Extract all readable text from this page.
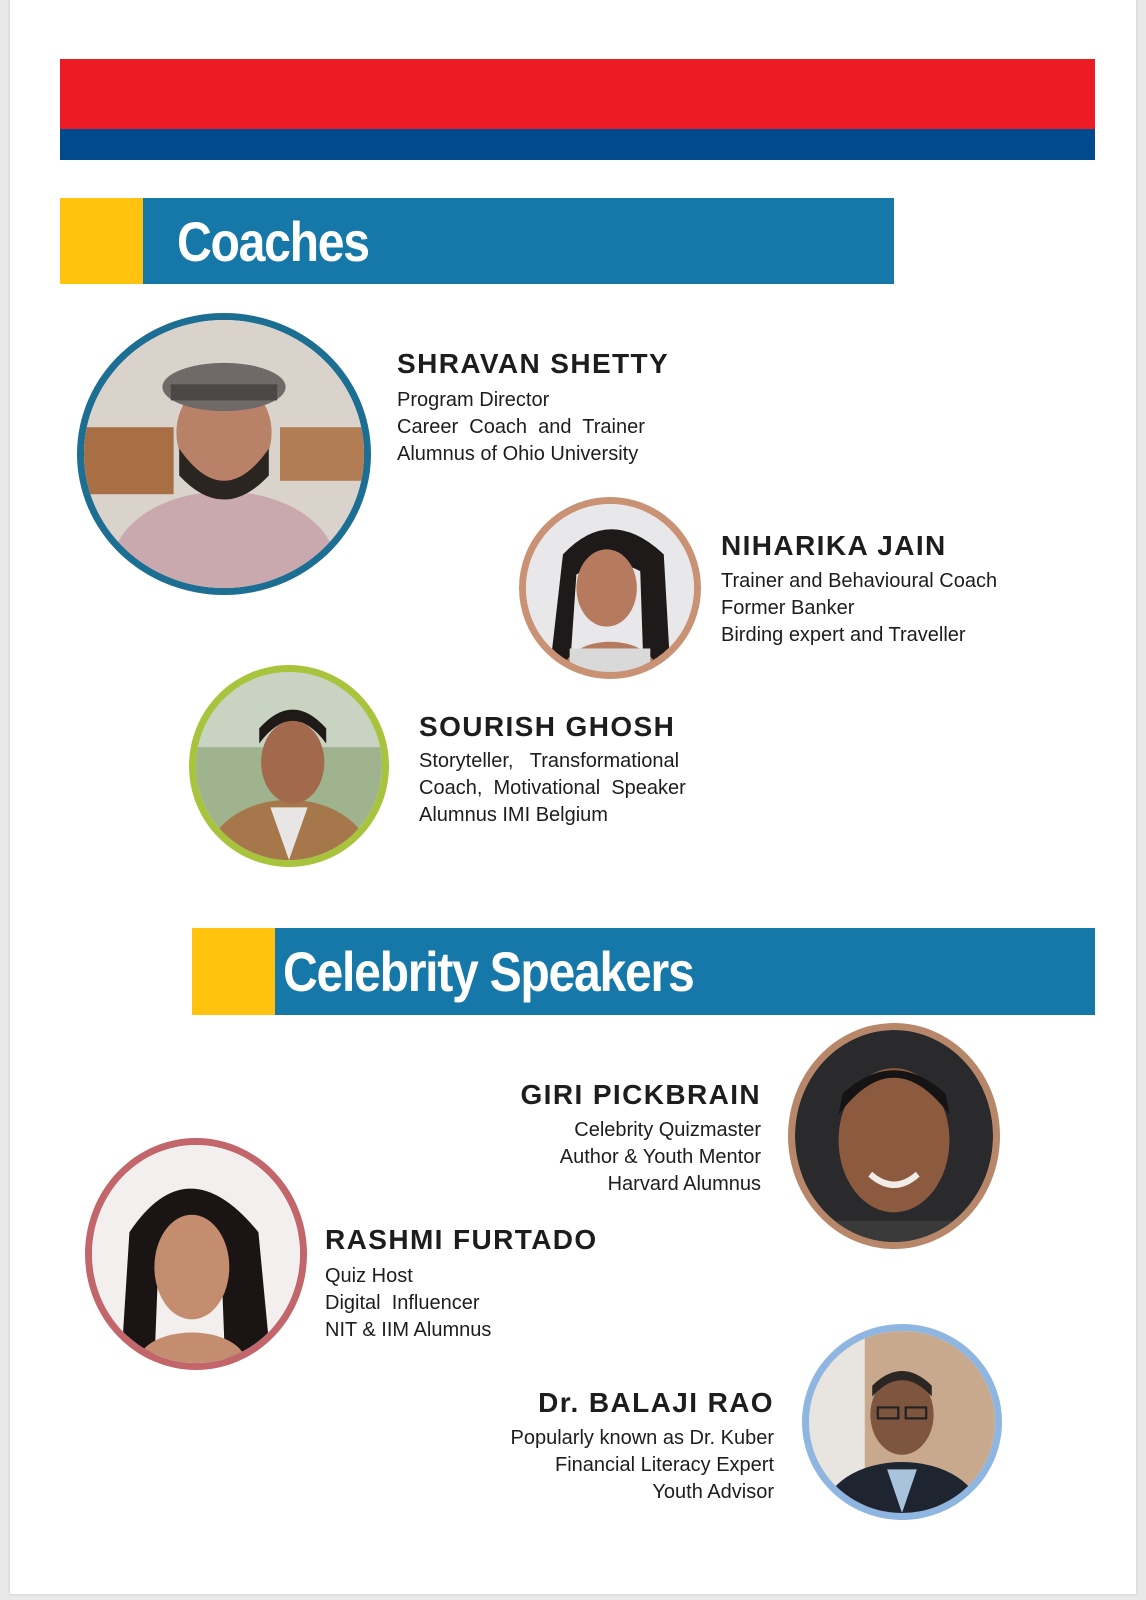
Coaches
SHRAVAN SHETTY
Program Director
Career  Coach  and  Trainer
Alumnus of Ohio University
NIHARIKA JAIN
Trainer and Behavioural Coach
Former Banker
Birding expert and Traveller
SOURISH GHOSH
Storyteller,   Transformational
Coach,  Motivational  Speaker
Alumnus IMI Belgium
Celebrity Speakers
GIRI PICKBRAIN
Celebrity Quizmaster
Author & Youth Mentor
Harvard Alumnus
RASHMI FURTADO
Quiz Host
Digital  Influencer
NIT & IIM Alumnus
Dr. BALAJI RAO
Popularly known as Dr. Kuber
Financial Literacy Expert
Youth Advisor
